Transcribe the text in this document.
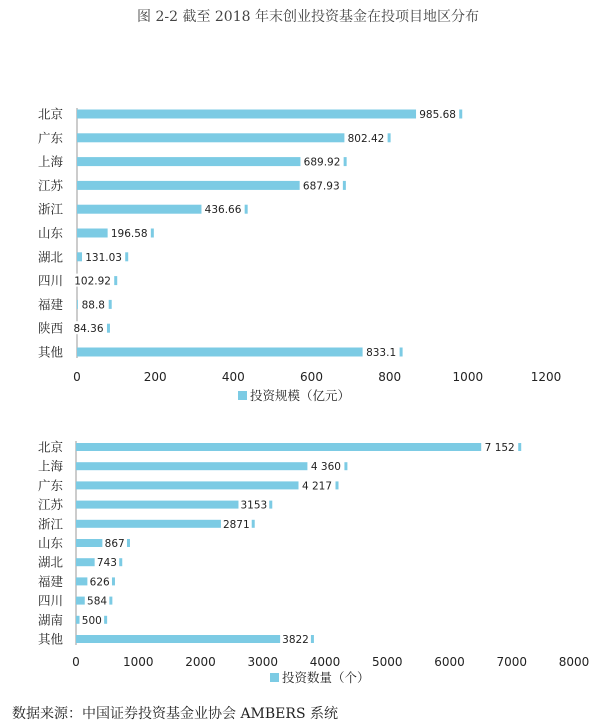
图 2-2 截至 2018 年末创业投资基金在投项目地区分布
北京	985.68
广东	802.42
上海	689.92
江苏	687.93
浙江	436.66
山东	196.58
湖北 131.03
四川 102.92
福建 88.8
陕西 84.36
其他	833.1
0	200	400	600	800	1000	1200
投资规模（亿元）
北京	7 152
上海	4 360
广东	4 217
江苏	3153
浙江	2871
山东	867
湖北	743
福建	626
四川 584
湖南 500
其他	3822
0	1000	2000	3000	4000	5000	6000	7000	8000
投资数量（个）
数据来源：中国证券投资基金业协会 AMBERS 系统
